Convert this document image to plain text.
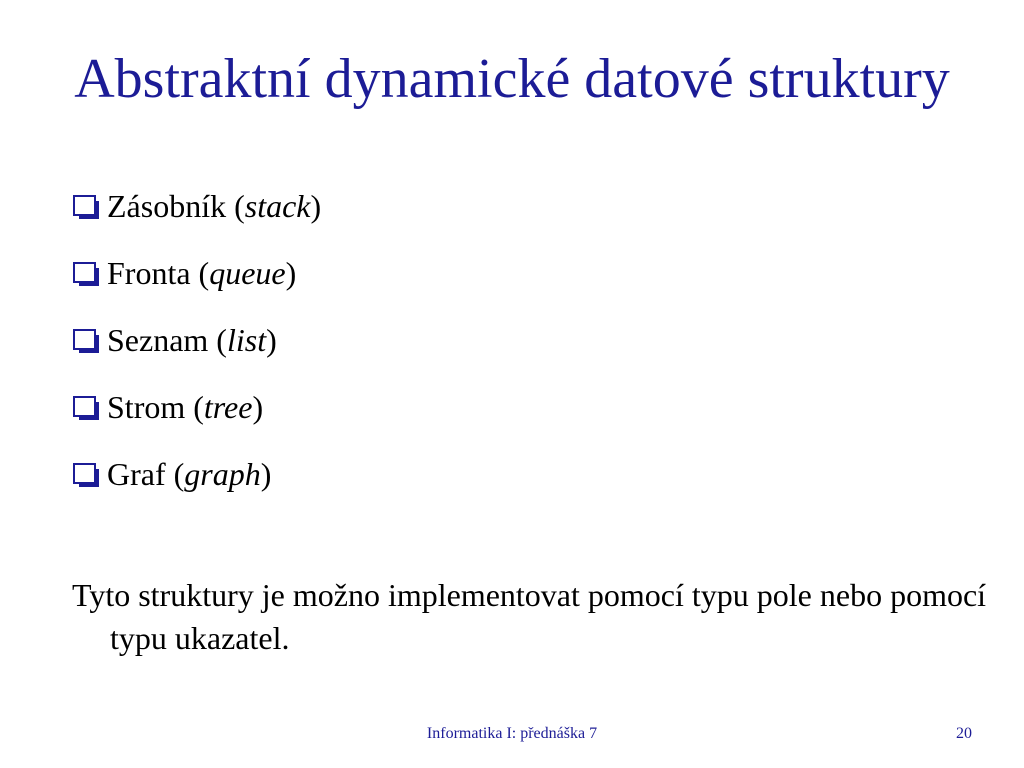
Abstraktní dynamické datové struktury
Zásobník (stack)
Fronta (queue)
Seznam (list)
Strom (tree)
Graf (graph)

Tyto struktury je možno implementovat pomocí typu pole nebo pomocí typu ukazatel.

Informatika I: přednáška 7	20
